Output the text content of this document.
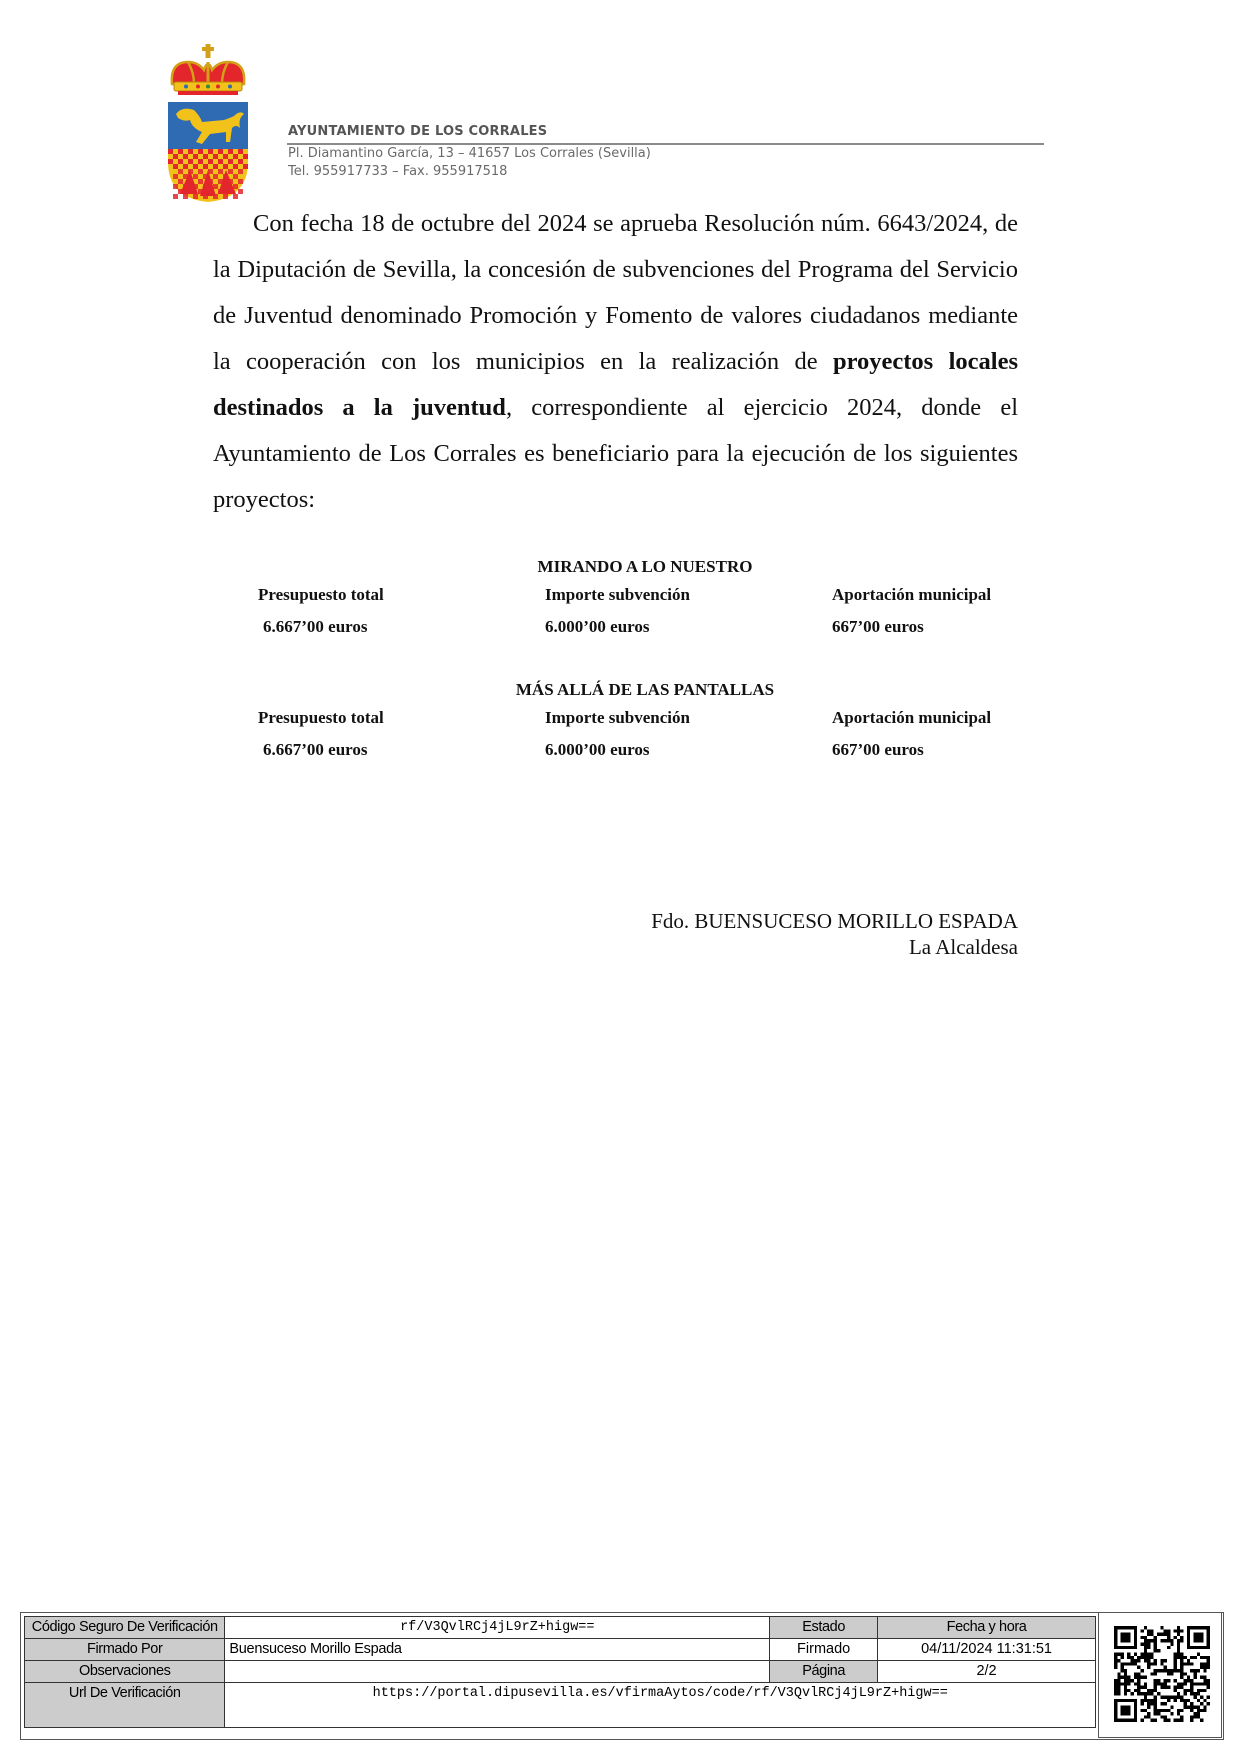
AYUNTAMIENTO DE LOS CORRALES
Pl. Diamantino García, 13 – 41657 Los Corrales (Sevilla)
Tel. 955917733 – Fax. 955917518
Con fecha 18 de octubre del 2024 se aprueba Resolución núm. 6643/2024, de la Diputación de Sevilla, la concesión de subvenciones del Programa del Servicio de Juventud denominado Promoción y Fomento de valores ciudadanos mediante la cooperación con los municipios en la realización de proyectos locales destinados a la juventud, correspondiente al ejercicio 2024, donde el Ayuntamiento de Los Corrales es beneficiario para la ejecución de los siguientes proyectos:
MIRANDO A LO NUESTRO
Presupuesto total	Importe subvención	Aportación municipal
6.667’00 euros	6.000’00 euros	667’00 euros
MÁS ALLÁ DE LAS PANTALLAS
Presupuesto total	Importe subvención	Aportación municipal
6.667’00 euros	6.000’00 euros	667’00 euros
Fdo. BUENSUCESO MORILLO ESPADA
La Alcaldesa
Código Seguro De Verificación	rf/V3QvlRCj4jL9rZ+higw==	Estado	Fecha y hora
Firmado Por	Buensuceso Morillo Espada	Firmado	04/11/2024 11:31:51
Observaciones		Página	2/2
Url De Verificación	https://portal.dipusevilla.es/vfirmaAytos/code/rf/V3QvlRCj4jL9rZ+higw==		
